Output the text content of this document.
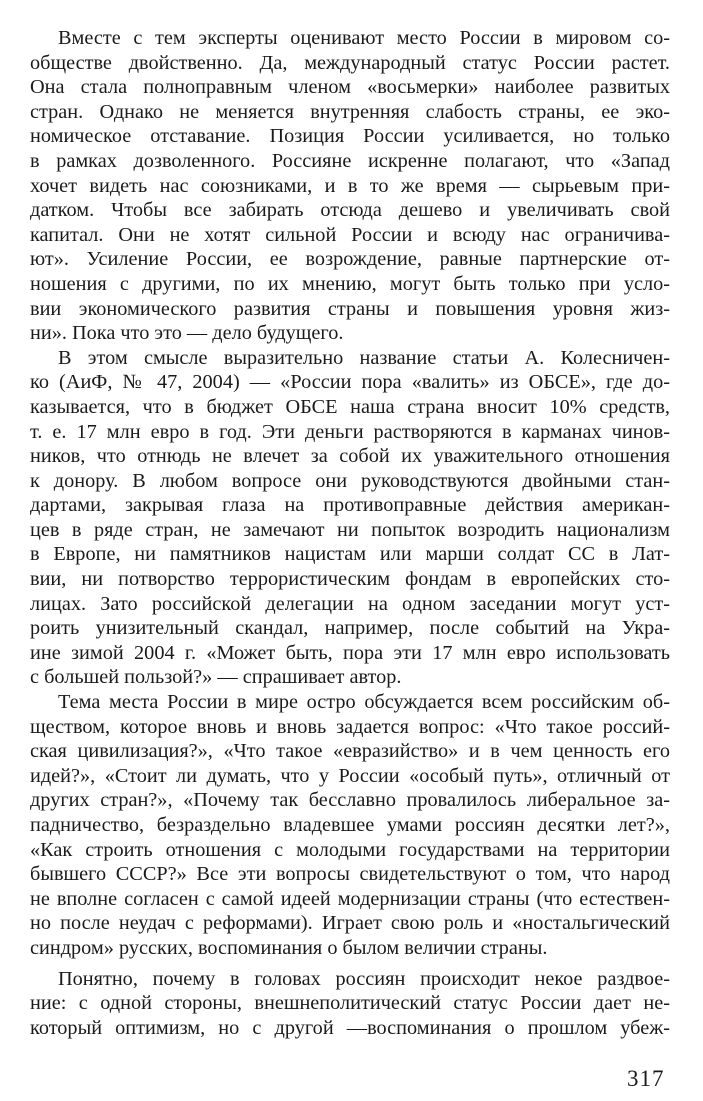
Вместе с тем эксперты оценивают место России в мировом со-
обществе двойственно. Да, международный статус России растет.
Она стала полноправным членом «восьмерки» наиболее развитых
стран. Однако не меняется внутренняя слабость страны, ее эко-
номическое отставание. Позиция России усиливается, но только
в рамках дозволенного. Россияне искренне полагают, что «Запад
хочет видеть нас союзниками, и в то же время — сырьевым при-
датком. Чтобы все забирать отсюда дешево и увеличивать свой
капитал. Они не хотят сильной России и всюду нас ограничива-
ют». Усиление России, ее возрождение, равные партнерские от-
ношения с другими, по их мнению, могут быть только при усло-
вии экономического развития страны и повышения уровня жиз-
ни». Пока что это — дело будущего.
В этом смысле выразительно название статьи А. Колесничен-
ко (АиФ, № 47, 2004) — «России пора «валить» из ОБСЕ», где до-
казывается, что в бюджет ОБСЕ наша страна вносит 10% средств,
т. е. 17 млн евро в год. Эти деньги растворяются в карманах чинов-
ников, что отнюдь не влечет за собой их уважительного отношения
к донору. В любом вопросе они руководствуются двойными стан-
дартами, закрывая глаза на противоправные действия американ-
цев в ряде стран, не замечают ни попыток возродить национализм
в Европе, ни памятников нацистам или марши солдат СС в Лат-
вии, ни потворство террористическим фондам в европейских сто-
лицах. Зато российской делегации на одном заседании могут уст-
роить унизительный скандал, например, после событий на Укра-
ине зимой 2004 г. «Может быть, пора эти 17 млн евро использовать
с большей пользой?» — спрашивает автор.
Тема места России в мире остро обсуждается всем российским об-
ществом, которое вновь и вновь задается вопрос: «Что такое россий-
ская цивилизация?», «Что такое «евразийство» и в чем ценность его
идей?», «Стоит ли думать, что у России «особый путь», отличный от
других стран?», «Почему так бесславно провалилось либеральное за-
падничество, безраздельно владевшее умами россиян десятки лет?»,
«Как строить отношения с молодыми государствами на территории
бывшего СССР?» Все эти вопросы свидетельствуют о том, что народ
не вполне согласен с самой идеей модернизации страны (что естествен-
но после неудач с реформами). Играет свою роль и «ностальгический
синдром» русских, воспоминания о былом величии страны.
Понятно, почему в головах россиян происходит некое раздвое-
ние: с одной стороны, внешнеполитический статус России дает не-
который оптимизм, но с другой —воспоминания о прошлом убеж-
317
